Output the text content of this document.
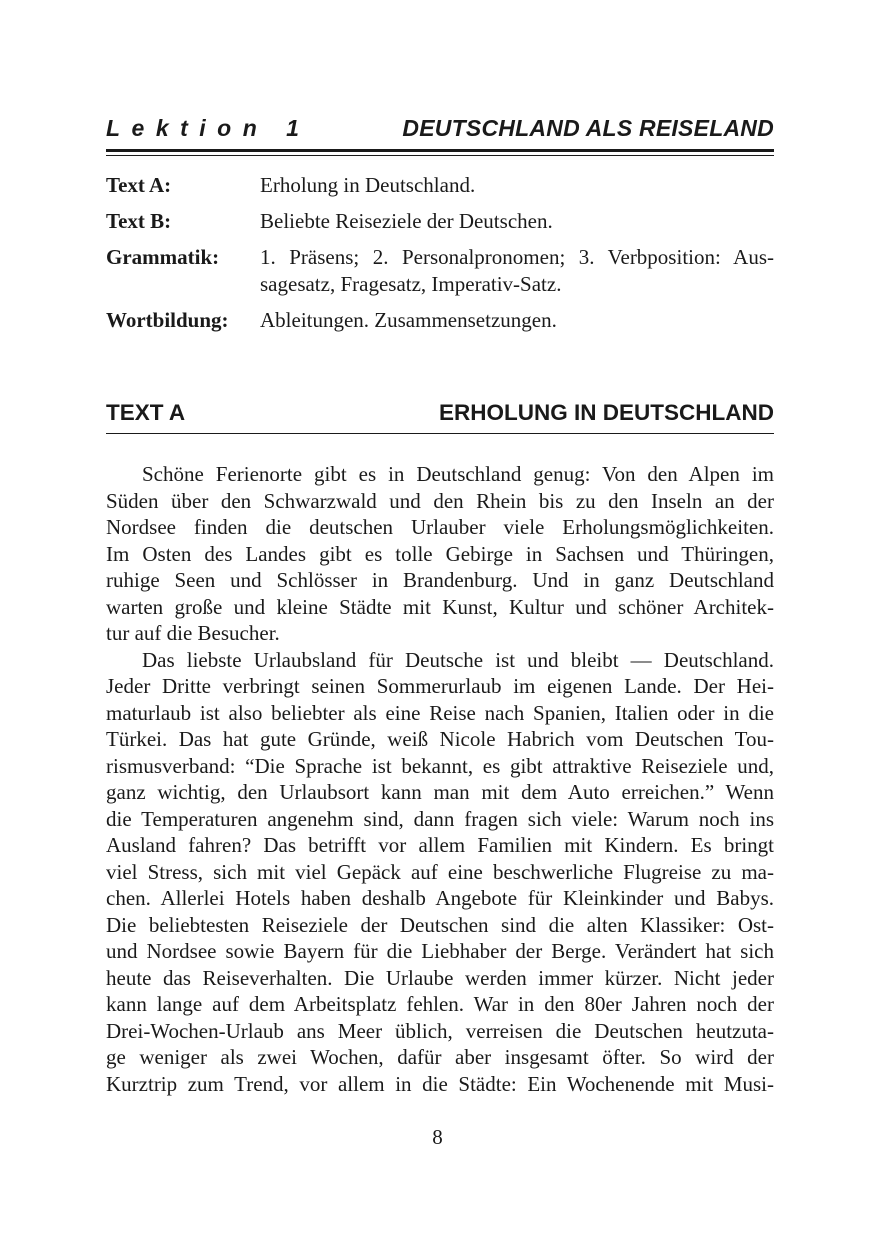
Lektion 1	DEUTSCHLAND ALS REISELAND
Text A:	Erholung in Deutschland.
Text B:	Beliebte Reiseziele der Deutschen.
Grammatik: 1. Präsens; 2. Personalpronomen; 3. Verbposition: Aussagesatz, Fragesatz, Imperativ-Satz.
Wortbildung: Ableitungen. Zusammensetzungen.
TEXT A	ERHOLUNG IN DEUTSCHLAND
Schöne Ferienorte gibt es in Deutschland genug: Von den Alpen im
Süden über den Schwarzwald und den Rhein bis zu den Inseln an der
Nordsee finden die deutschen Urlauber viele Erholungsmöglichkeiten.
Im Osten des Landes gibt es tolle Gebirge in Sachsen und Thüringen,
ruhige Seen und Schlösser in Brandenburg. Und in ganz Deutschland
warten große und kleine Städte mit Kunst, Kultur und schöner Architek-
tur auf die Besucher.
Das liebste Urlaubsland für Deutsche ist und bleibt — Deutschland.
Jeder Dritte verbringt seinen Sommerurlaub im eigenen Lande. Der Hei-
maturlaub ist also beliebter als eine Reise nach Spanien, Italien oder in die
Türkei. Das hat gute Gründe, weiß Nicole Habrich vom Deutschen Tou-
rismusverband: “Die Sprache ist bekannt, es gibt attraktive Reiseziele und,
ganz wichtig, den Urlaubsort kann man mit dem Auto erreichen.” Wenn
die Temperaturen angenehm sind, dann fragen sich viele: Warum noch ins
Ausland fahren? Das betrifft vor allem Familien mit Kindern. Es bringt
viel Stress, sich mit viel Gepäck auf eine beschwerliche Flugreise zu ma-
chen. Allerlei Hotels haben deshalb Angebote für Kleinkinder und Babys.
Die beliebtesten Reiseziele der Deutschen sind die alten Klassiker: Ost-
und Nordsee sowie Bayern für die Liebhaber der Berge. Verändert hat sich
heute das Reiseverhalten. Die Urlaube werden immer kürzer. Nicht jeder
kann lange auf dem Arbeitsplatz fehlen. War in den 80er Jahren noch der
Drei-Wochen-Urlaub ans Meer üblich, verreisen die Deutschen heutzuta-
ge weniger als zwei Wochen, dafür aber insgesamt öfter. So wird der
Kurztrip zum Trend, vor allem in die Städte: Ein Wochenende mit Musi-
8
